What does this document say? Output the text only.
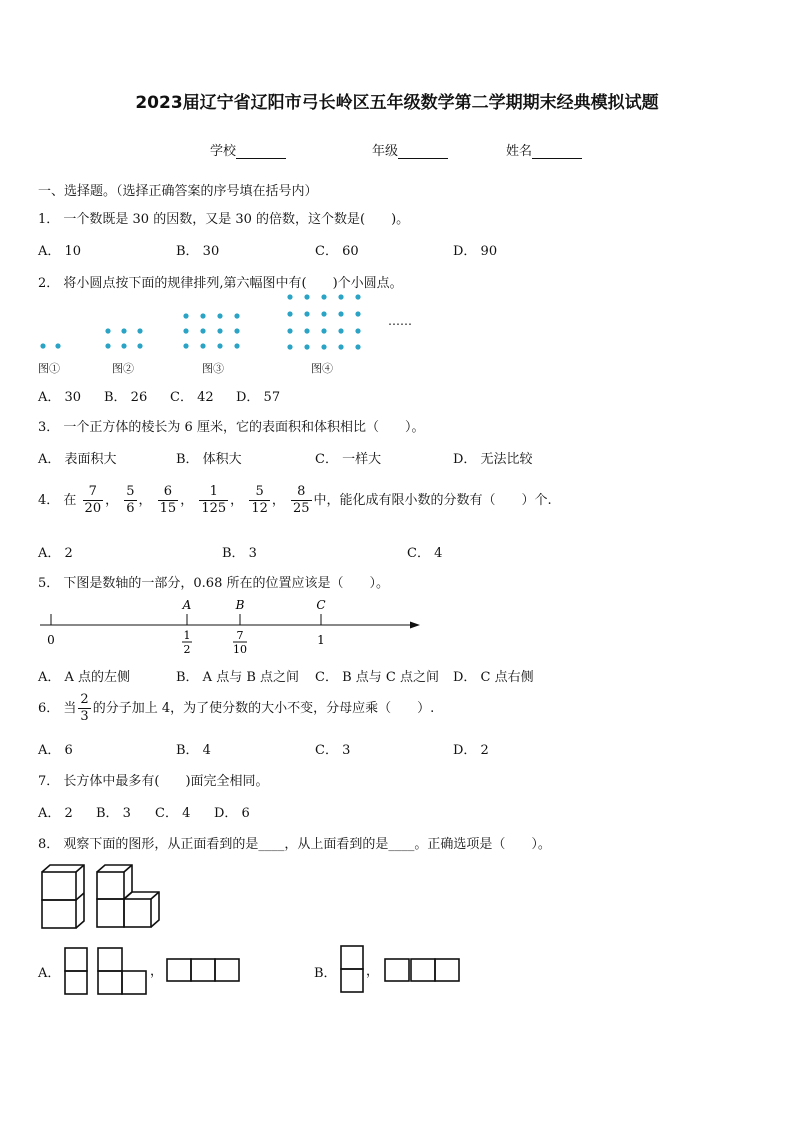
2023届辽宁省辽阳市弓长岭区五年级数学第二学期期末经典模拟试题
学校	年级	姓名
一、选择题。（选择正确答案的序号填在括号内）
1． 一个数既是 30 的因数，又是 30 的倍数，这个数是(　　)。
A． 10	B． 30	C． 60	D． 90
2． 将小圆点按下面的规律排列,第六幅图中有(　　)个小圆点。
……
图①	图②	图③	图④
A． 30 B． 26 C． 42 D． 57
3． 一个正方体的棱长为 6 厘米，它的表面积和体积相比（　　）。
A． 表面积大	B． 体积大	C． 一样大	D． 无法比较
4． 在 $\frac{7}{20}$ ， $\frac{5}{6}$ ， $\frac{6}{15}$ ， $\frac{1}{125}$ ， $\frac{5}{12}$ ， $\frac{8}{25}$ 中，能化成有限小数的分数有（　　）个.
A． 2	B． 3	C． 4
5． 下图是数轴的一部分，0.68 所在的位置应该是（　　）。
A	B	C
0	1
2
7
10
1
A． A 点的左侧	B． A 点与 B 点之间 C． B 点与 C 点之间 D． C 点右侧
6． 当 $\frac{2}{3}$ 的分子加上 4，为了使分数的大小不变，分母应乘（　　）.
A． 6	B． 4	C． 3	D． 2
7． 长方体中最多有(　　)面完全相同。
A． 2 B． 3 C． 4 D． 6
8． 观察下面的图形，从正面看到的是____，从上面看到的是____。正确选项是（　　）。
A．	，	B． ，
